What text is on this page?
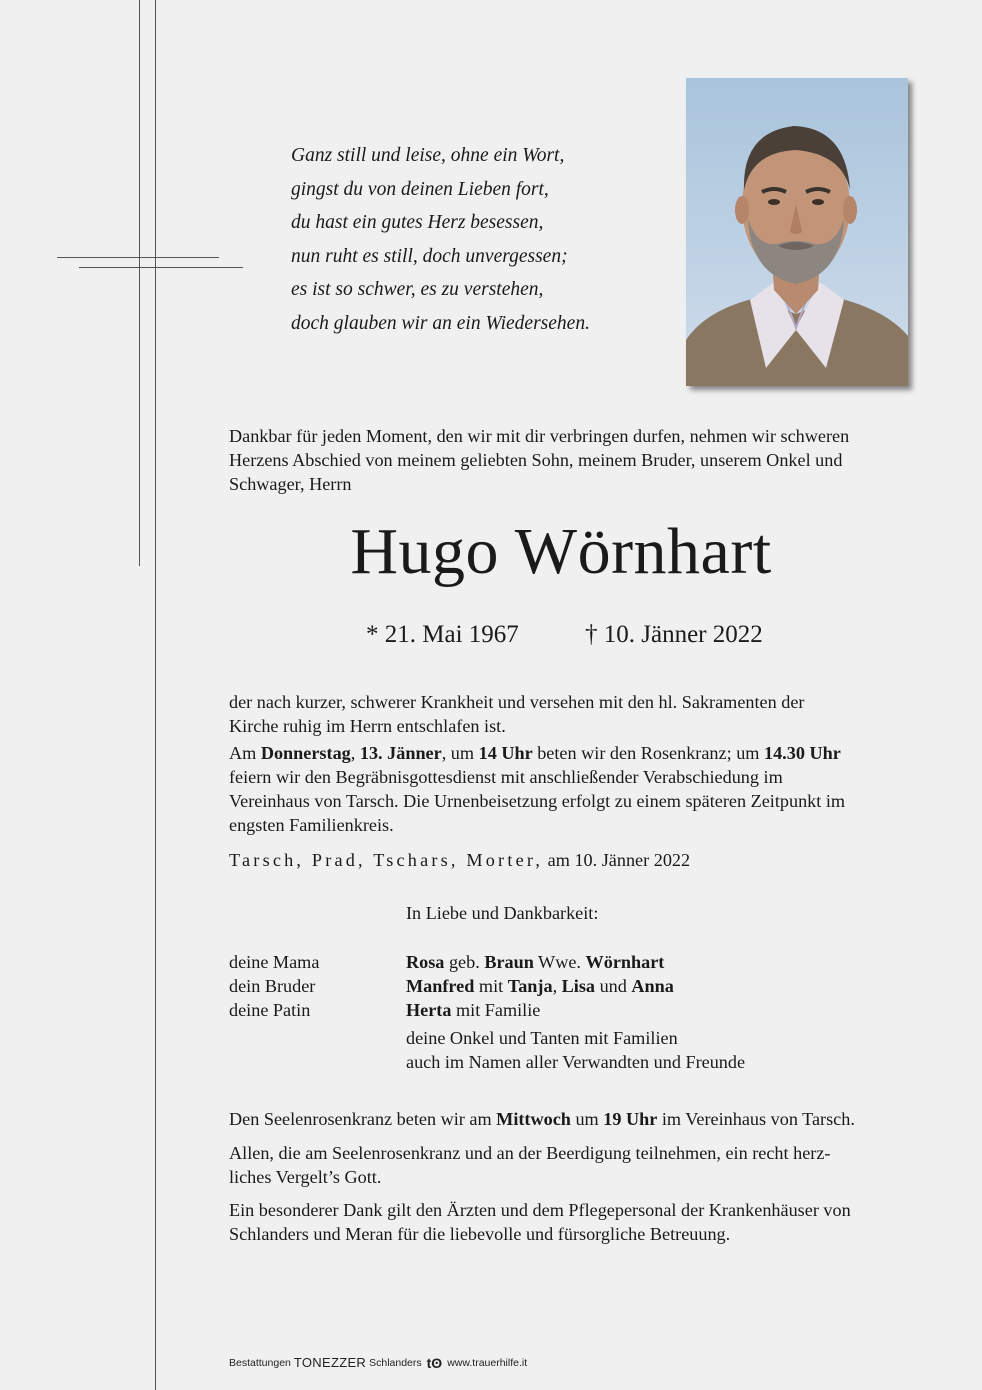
Ganz still und leise, ohne ein Wort,
gingst du von deinen Lieben fort,
du hast ein gutes Herz besessen,
nun ruht es still, doch unvergessen;
es ist so schwer, es zu verstehen,
doch glauben wir an ein Wiedersehen.
Dankbar für jeden Moment, den wir mit dir verbringen durfen, nehmen wir schweren
Herzens Abschied von meinem geliebten Sohn, meinem Bruder, unserem Onkel und
Schwager, Herrn
Hugo Wörnhart
* 21. Mai 1967	† 10. Jänner 2022
der nach kurzer, schwerer Krankheit und versehen mit den hl. Sakramenten der
Kirche ruhig im Herrn entschlafen ist.
Am Donnerstag, 13. Jänner, um 14 Uhr beten wir den Rosenkranz; um 14.30 Uhr
feiern wir den Begräbnisgottesdienst mit anschließender Verabschiedung im
Vereinhaus von Tarsch. Die Urnenbeisetzung erfolgt zu einem späteren Zeitpunkt im
engsten Familienkreis.
Tarsch, Prad, Tschars, Morter, am 10. Jänner 2022
In Liebe und Dankbarkeit:
deine Mama	Rosa geb. Braun Wwe. Wörnhart
dein Bruder	Manfred mit Tanja, Lisa und Anna
deine Patin	Herta mit Familie
deine Onkel und Tanten mit Familien
auch im Namen aller Verwandten und Freunde
Den Seelenrosenkranz beten wir am Mittwoch um 19 Uhr im Vereinhaus von Tarsch.
Allen, die am Seelenrosenkranz und an der Beerdigung teilnehmen, ein recht herz-
liches Vergelt’s Gott.
Ein besonderer Dank gilt den Ärzten und dem Pflegepersonal der Krankenhäuser von
Schlanders und Meran für die liebevolle und fürsorgliche Betreuung.
Bestattungen TONEZZER Schlanders tʘ www.trauerhilfe.it
